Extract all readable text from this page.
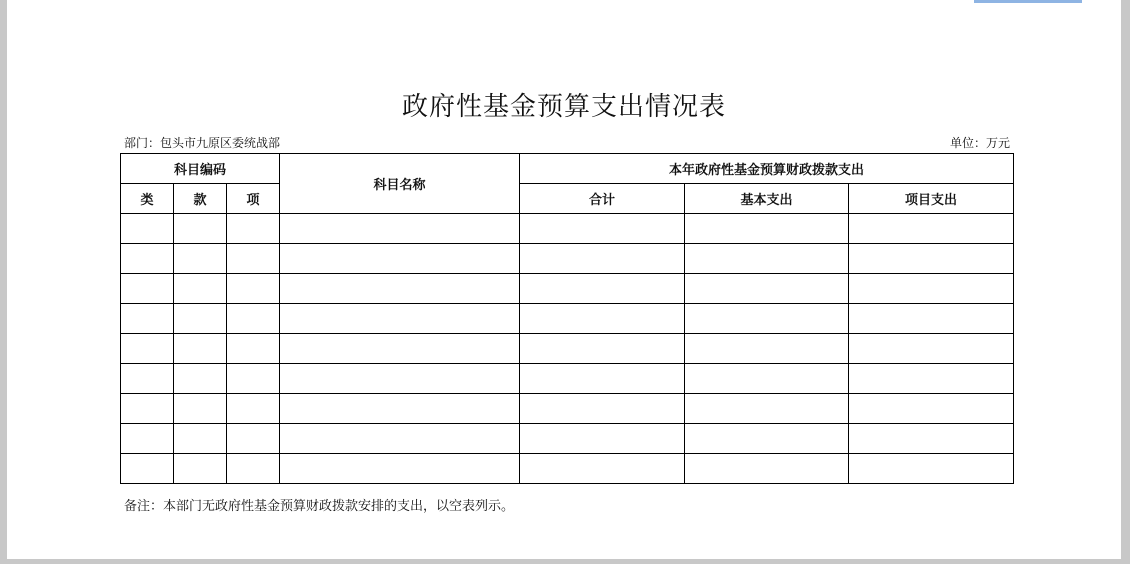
政府性基金预算支出情况表
部门：包头市九原区委统战部	单位：万元
科目编码			科目名称	本年政府性基金预算财政拨款支出		
类	款	项		合计	基本支出	项目支出

备注：本部门无政府性基金预算财政拨款安排的支出，以空表列示。
